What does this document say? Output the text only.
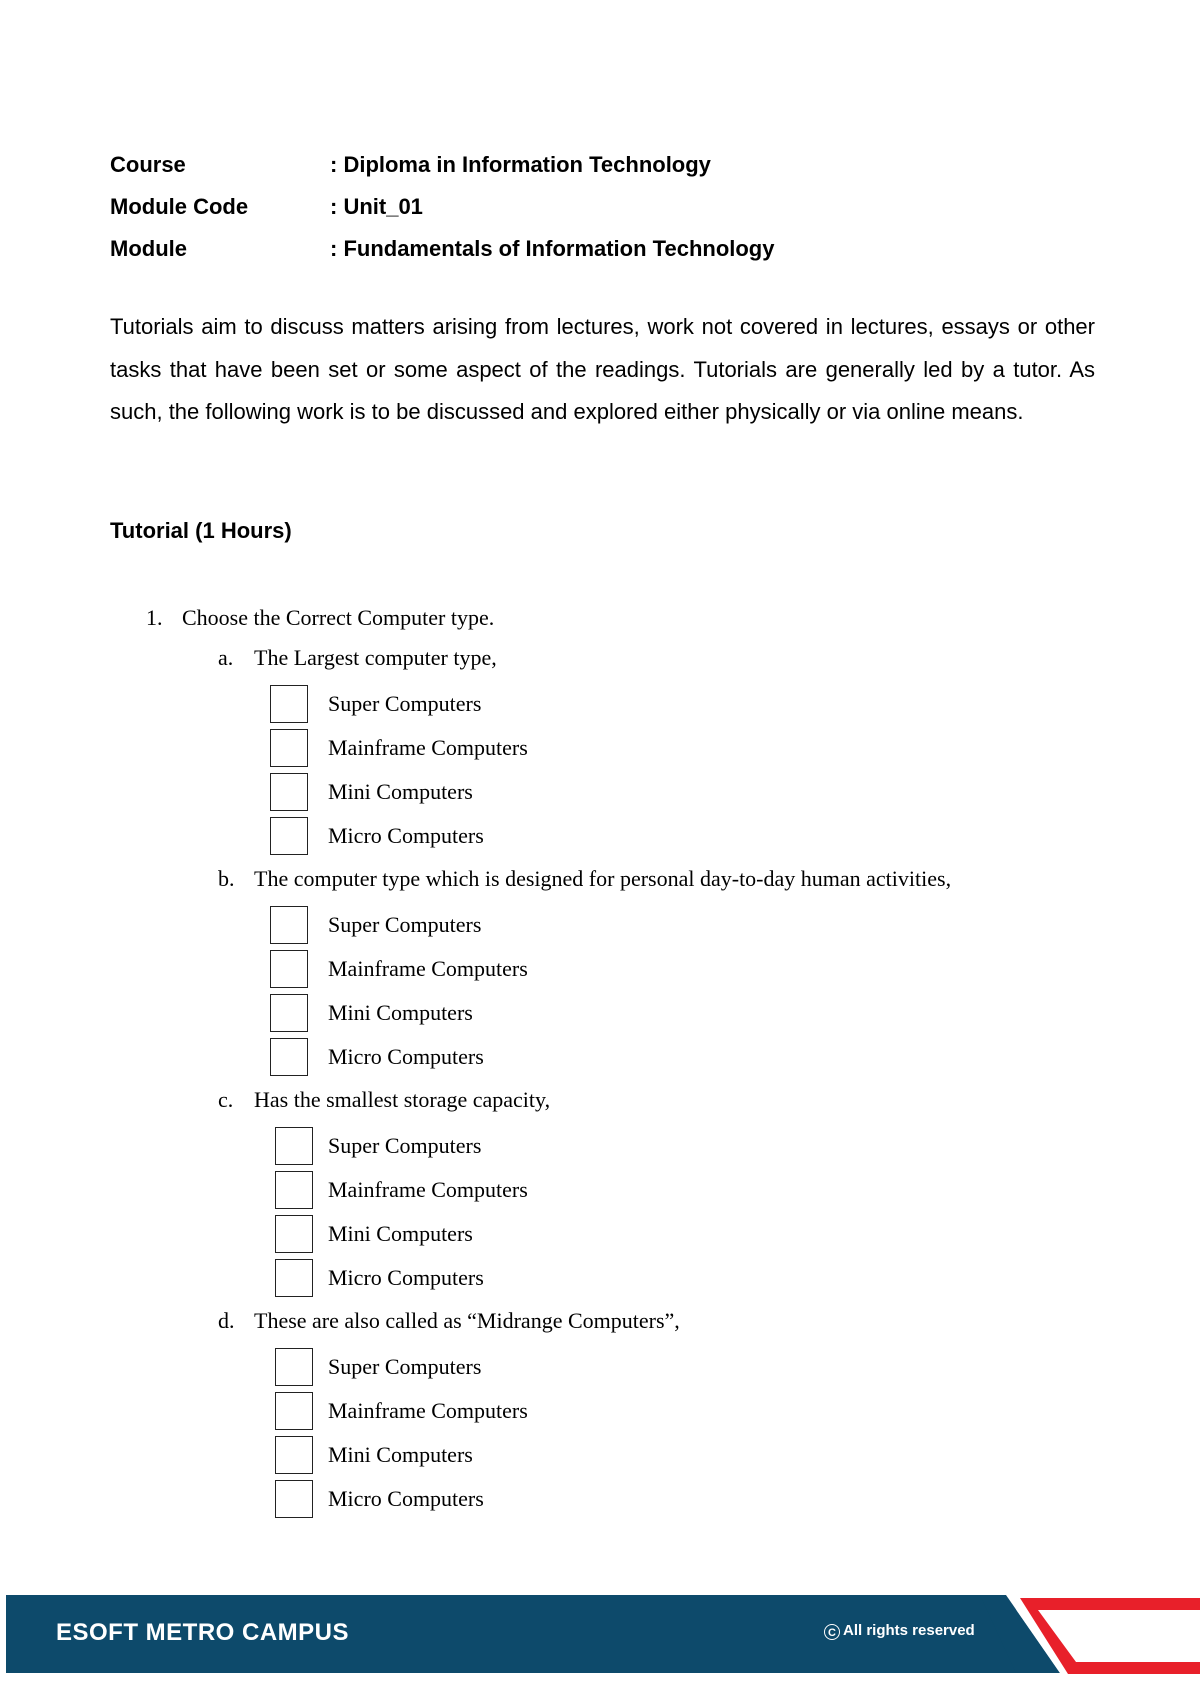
Course	: Diploma in Information Technology
Module Code	: Unit_01
Module	: Fundamentals of Information Technology

Tutorials aim to discuss matters arising from lectures, work not covered in lectures, essays or other tasks that have been set or some aspect of the readings. Tutorials are generally led by a tutor. As such, the following work is to be discussed and explored either physically or via online means.

Tutorial (1 Hours)
1. Choose the Correct Computer type.
a. The Largest computer type,
Super Computers
Mainframe Computers
Mini Computers
Micro Computers
b. The computer type which is designed for personal day-to-day human activities,
Super Computers
Mainframe Computers
Mini Computers
Micro Computers
c. Has the smallest storage capacity,
Super Computers
Mainframe Computers
Mini Computers
Micro Computers
d. These are also called as “Midrange Computers”,
Super Computers
Mainframe Computers
Mini Computers
Micro Computers
ESOFT METRO CAMPUS	C All rights reserved
